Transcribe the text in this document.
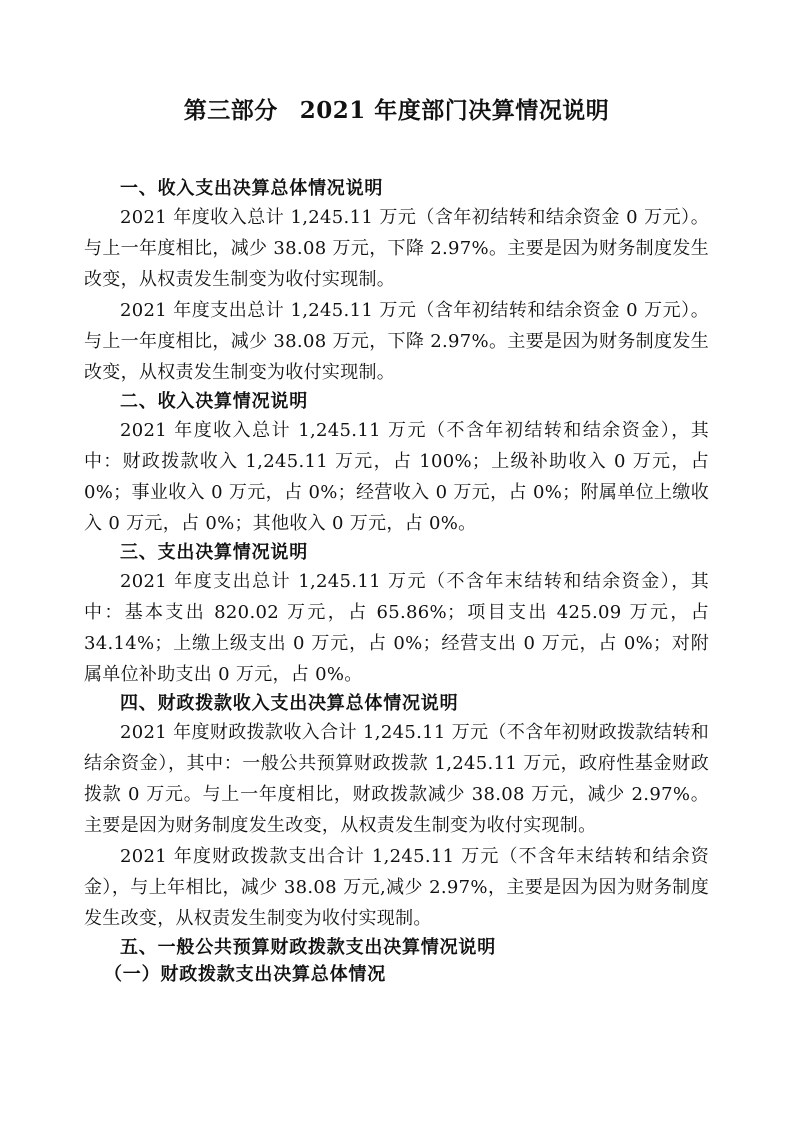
第三部分 2021 年度部门决算情况说明

一、收入支出决算总体情况说明

2021 年度收入总计 1,245.11 万元（含年初结转和结余资金 0 万元）。与上一年度相比，减少 38.08 万元，下降 2.97%。主要是因为财务制度发生改变，从权责发生制变为收付实现制。

2021 年度支出总计 1,245.11 万元（含年初结转和结余资金 0 万元）。与上一年度相比，减少 38.08 万元，下降 2.97%。主要是因为财务制度发生改变，从权责发生制变为收付实现制。

二、收入决算情况说明

2021 年度收入总计 1,245.11 万元（不含年初结转和结余资金），其中：财政拨款收入 1,245.11 万元，占 100%；上级补助收入 0 万元，占 0%；事业收入 0 万元，占 0%；经营收入 0 万元，占 0%；附属单位上缴收入 0 万元，占 0%；其他收入 0 万元，占 0%。

三、支出决算情况说明

2021 年度支出总计 1,245.11 万元（不含年末结转和结余资金），其中：基本支出 820.02 万元，占 65.86%；项目支出 425.09 万元，占 34.14%；上缴上级支出 0 万元，占 0%；经营支出 0 万元，占 0%；对附属单位补助支出 0 万元，占 0%。

四、财政拨款收入支出决算总体情况说明

2021 年度财政拨款收入合计 1,245.11 万元（不含年初财政拨款结转和结余资金），其中：一般公共预算财政拨款 1,245.11 万元，政府性基金财政拨款 0 万元。与上一年度相比，财政拨款减少 38.08 万元，减少 2.97%。主要是因为财务制度发生改变，从权责发生制变为收付实现制。

2021 年度财政拨款支出合计 1,245.11 万元（不含年末结转和结余资金），与上年相比，减少 38.08 万元,减少 2.97%，主要是因为因为财务制度发生改变，从权责发生制变为收付实现制。

五、一般公共预算财政拨款支出决算情况说明

（一）财政拨款支出决算总体情况
